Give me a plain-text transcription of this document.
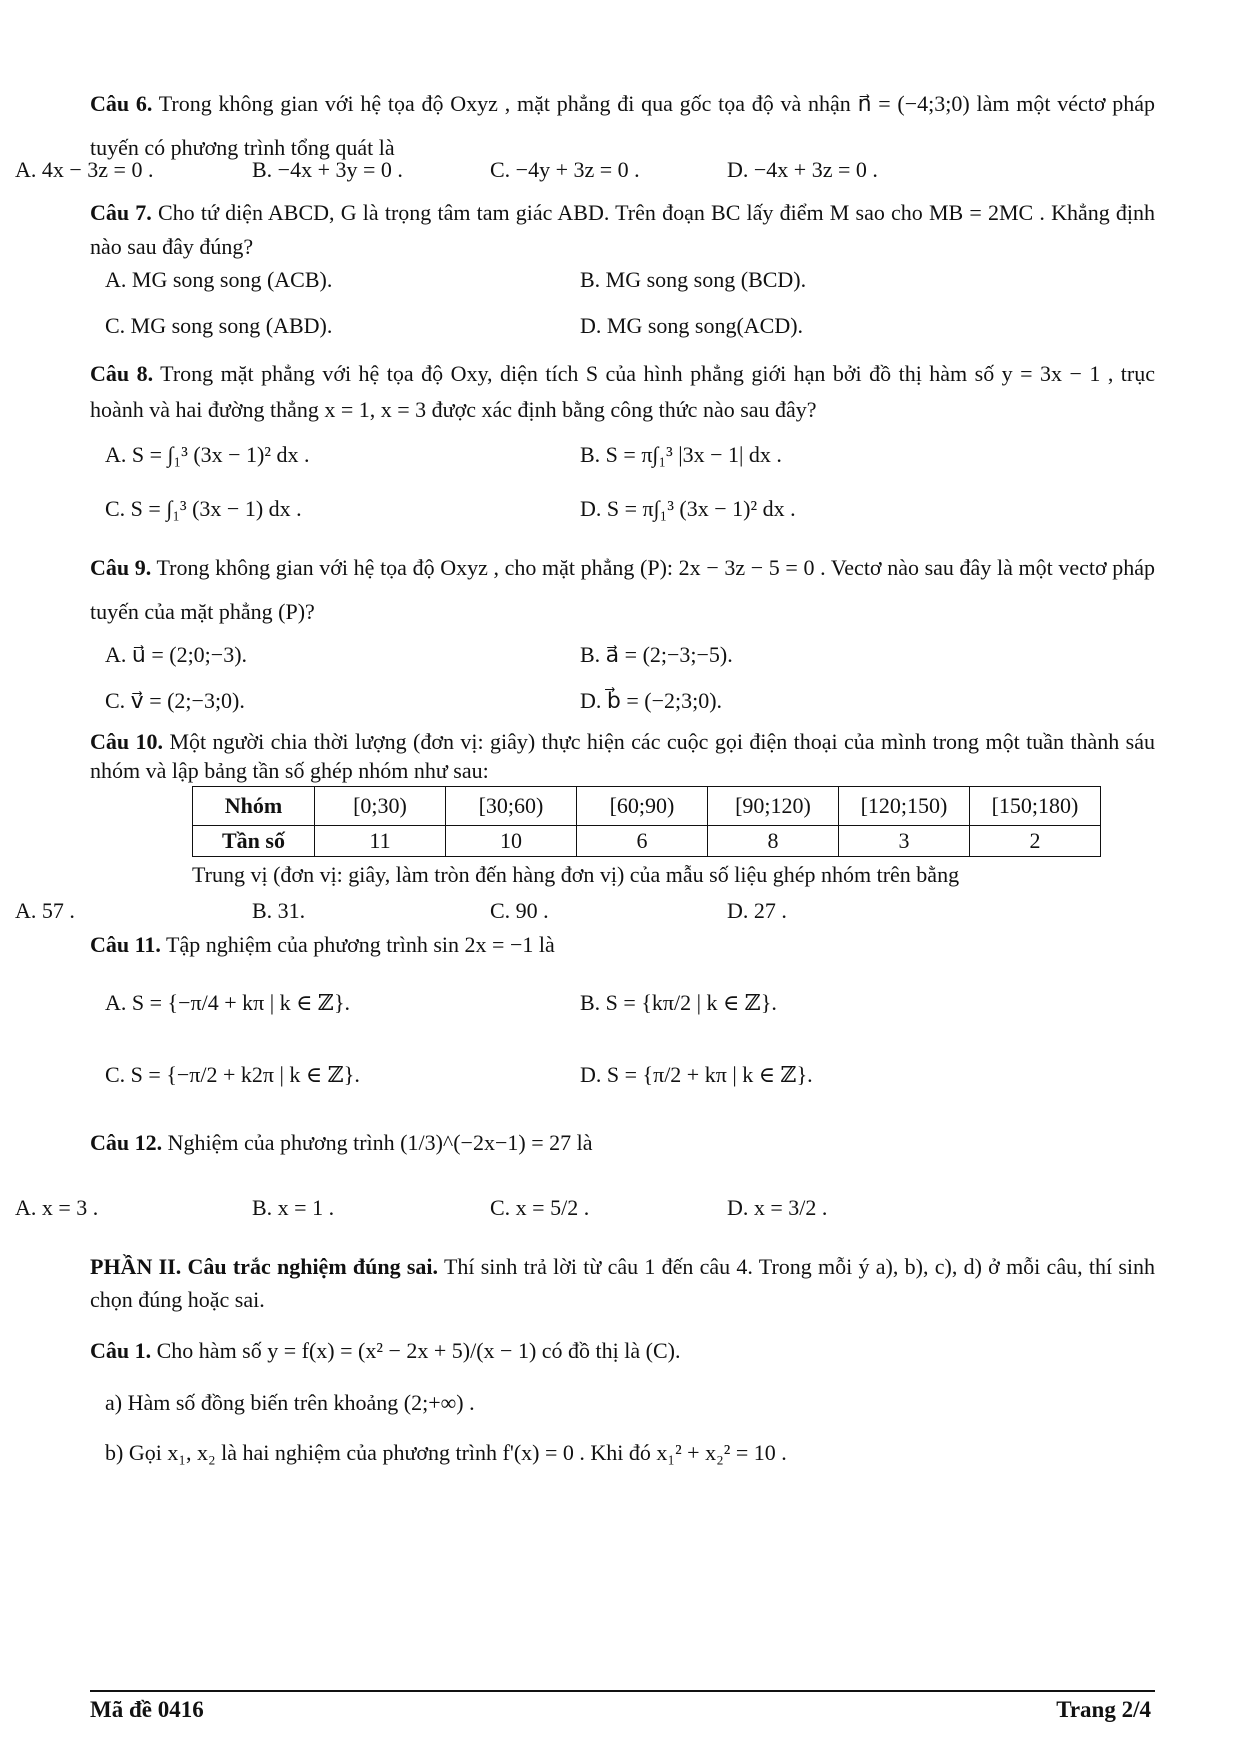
Câu 6. Trong không gian với hệ tọa độ Oxyz , mặt phẳng đi qua gốc tọa độ và nhận n⃗ = (−4;3;0) làm một véctơ pháp tuyến có phương trình tổng quát là

A. 4x − 3z = 0 .	B. −4x + 3y = 0 .	C. −4y + 3z = 0 .	D. −4x + 3z = 0 .

Câu 7. Cho tứ diện ABCD, G là trọng tâm tam giác ABD. Trên đoạn BC lấy điểm M sao cho MB = 2MC . Khẳng định nào sau đây đúng?

A. MG song song (ACB).	B. MG song song (BCD).
C. MG song song (ABD).	D. MG song song(ACD).

Câu 8. Trong mặt phẳng với hệ tọa độ Oxy, diện tích S của hình phẳng giới hạn bởi đồ thị hàm số y = 3x − 1 , trục hoành và hai đường thẳng x = 1, x = 3 được xác định bằng công thức nào sau đây?

A. S = ∫₁³ (3x − 1)² dx .	B. S = π∫₁³ |3x − 1| dx .
C. S = ∫₁³ (3x − 1) dx .	D. S = π∫₁³ (3x − 1)² dx .

Câu 9. Trong không gian với hệ tọa độ Oxyz , cho mặt phẳng (P): 2x − 3z − 5 = 0 . Vectơ nào sau đây là một vectơ pháp tuyến của mặt phẳng (P)?

A. u⃗ = (2;0;−3).	B. a⃗ = (2;−3;−5).
C. v⃗ = (2;−3;0).	D. b⃗ = (−2;3;0).

Câu 10. Một người chia thời lượng (đơn vị: giây) thực hiện các cuộc gọi điện thoại của mình trong một tuần thành sáu nhóm và lập bảng tần số ghép nhóm như sau:

Nhóm	[0;30)	[30;60)	[60;90)	[90;120)	[120;150)	[150;180)
Tần số	11	10	6	8	3	2
Trung vị (đơn vị: giây, làm tròn đến hàng đơn vị) của mẫu số liệu ghép nhóm trên bằng
A. 57 .	B. 31.	C. 90 .	D. 27 .

Câu 11. Tập nghiệm của phương trình sin 2x = −1 là

A. S = {−π/4 + kπ | k ∈ ℤ}.	B. S = {kπ/2 | k ∈ ℤ}.
C. S = {−π/2 + k2π | k ∈ ℤ}.	D. S = {π/2 + kπ | k ∈ ℤ}.

Câu 12. Nghiệm của phương trình (1/3)^(−2x−1) = 27 là

A. x = 3 .	B. x = 1 .	C. x = 5/2 .	D. x = 3/2 .

PHẦN II. Câu trắc nghiệm đúng sai. Thí sinh trả lời từ câu 1 đến câu 4. Trong mỗi ý a), b), c), d) ở mỗi câu, thí sinh chọn đúng hoặc sai.

Câu 1. Cho hàm số y = f(x) = (x² − 2x + 5)/(x − 1) có đồ thị là (C).

a) Hàm số đồng biến trên khoảng (2;+∞) .
b) Gọi x₁, x₂ là hai nghiệm của phương trình f'(x) = 0 . Khi đó x₁² + x₂² = 10 .
Mã đề 0416	Trang 2/4
